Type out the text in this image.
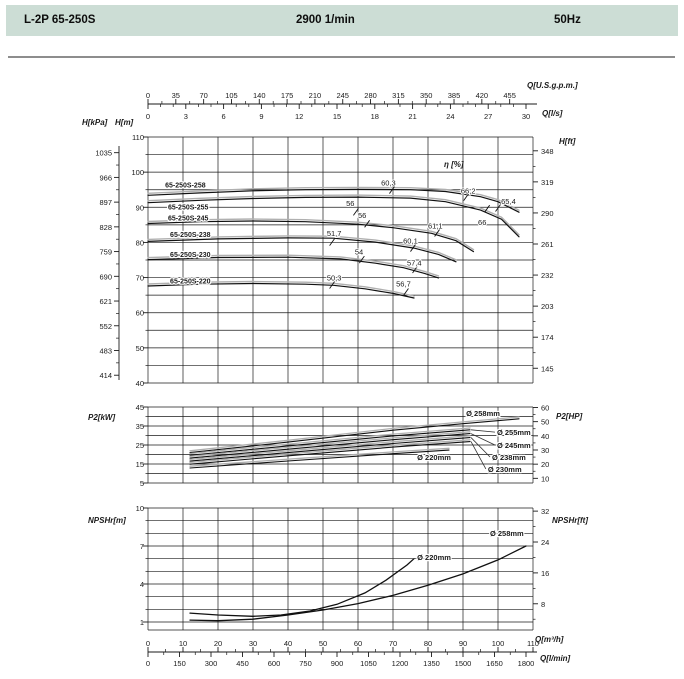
L-2P 65-250S	2900 1/min	50Hz
0	35	70 105 140 175 210 245 280 315 350 385 420 455
0	3	6	9	12	15	18	21	24	27	30
0	10	20	30	40	50	60	70	80	90	100	110
0	150	300	450	600	750	900 1050 1200 1350 1500 1650 1800
1035
966
897
828
759
690
621
552
483
414
110
100
90
80
70
60
50
40
348
319
290
261
232
203
174
145
45
35
25
15
5
60
50
40
30
20
10
10
7
4
1
32
24
16
8
65-250S-258
65-250S-255
65-250S-245
65-250S-238
65-250S-230
65-250S-220
56
60,3
66,2
65,4
56
66
61,1
51,7
60,1
54
57,4
50,3
56,7
Ø 258mm
Ø 255mm
Ø 245mm
Ø 238mm
Ø 230mm
Ø 220mm
Ø 258mm
Ø 220mm
H[kPa] H[m]
Q[U.S.g.p.m.]
Q[l/s]
H[ft]
η [%]
P2[kW]	P2[HP]
NPSHr[m]	NPSHr[ft]
Q[m³/h]
Q[l/min]
